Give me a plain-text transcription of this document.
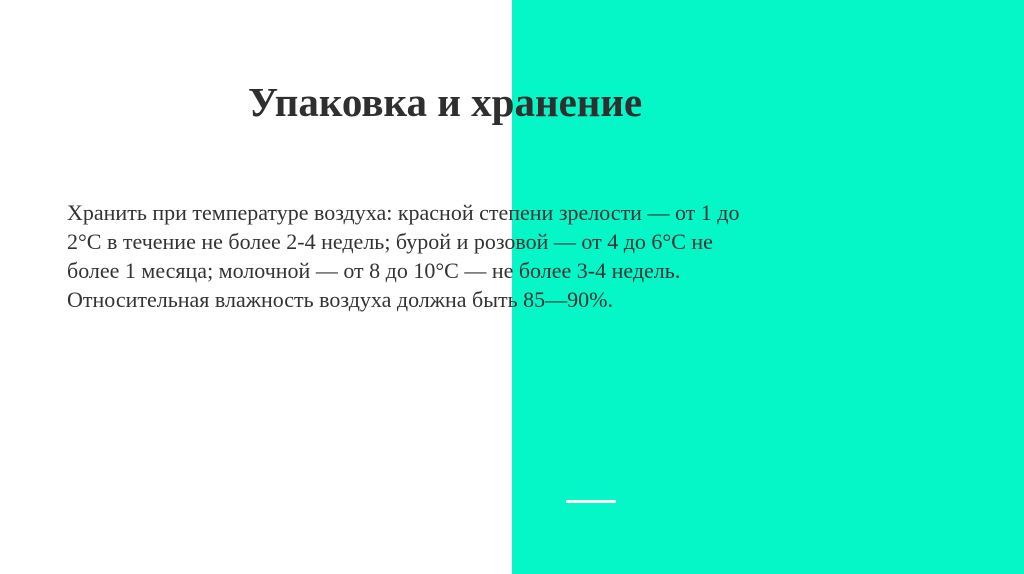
Упаковка и хранение

Хранить при температуре воздуха: красной степени зрелости — от 1 до
2°C в течение не более 2-4 недель; бурой и розовой — от 4 до 6°C не
более 1 месяца; молочной — от 8 до 10°C — не более 3-4 недель.
Относительная влажность воздуха должна быть 85—90%.
